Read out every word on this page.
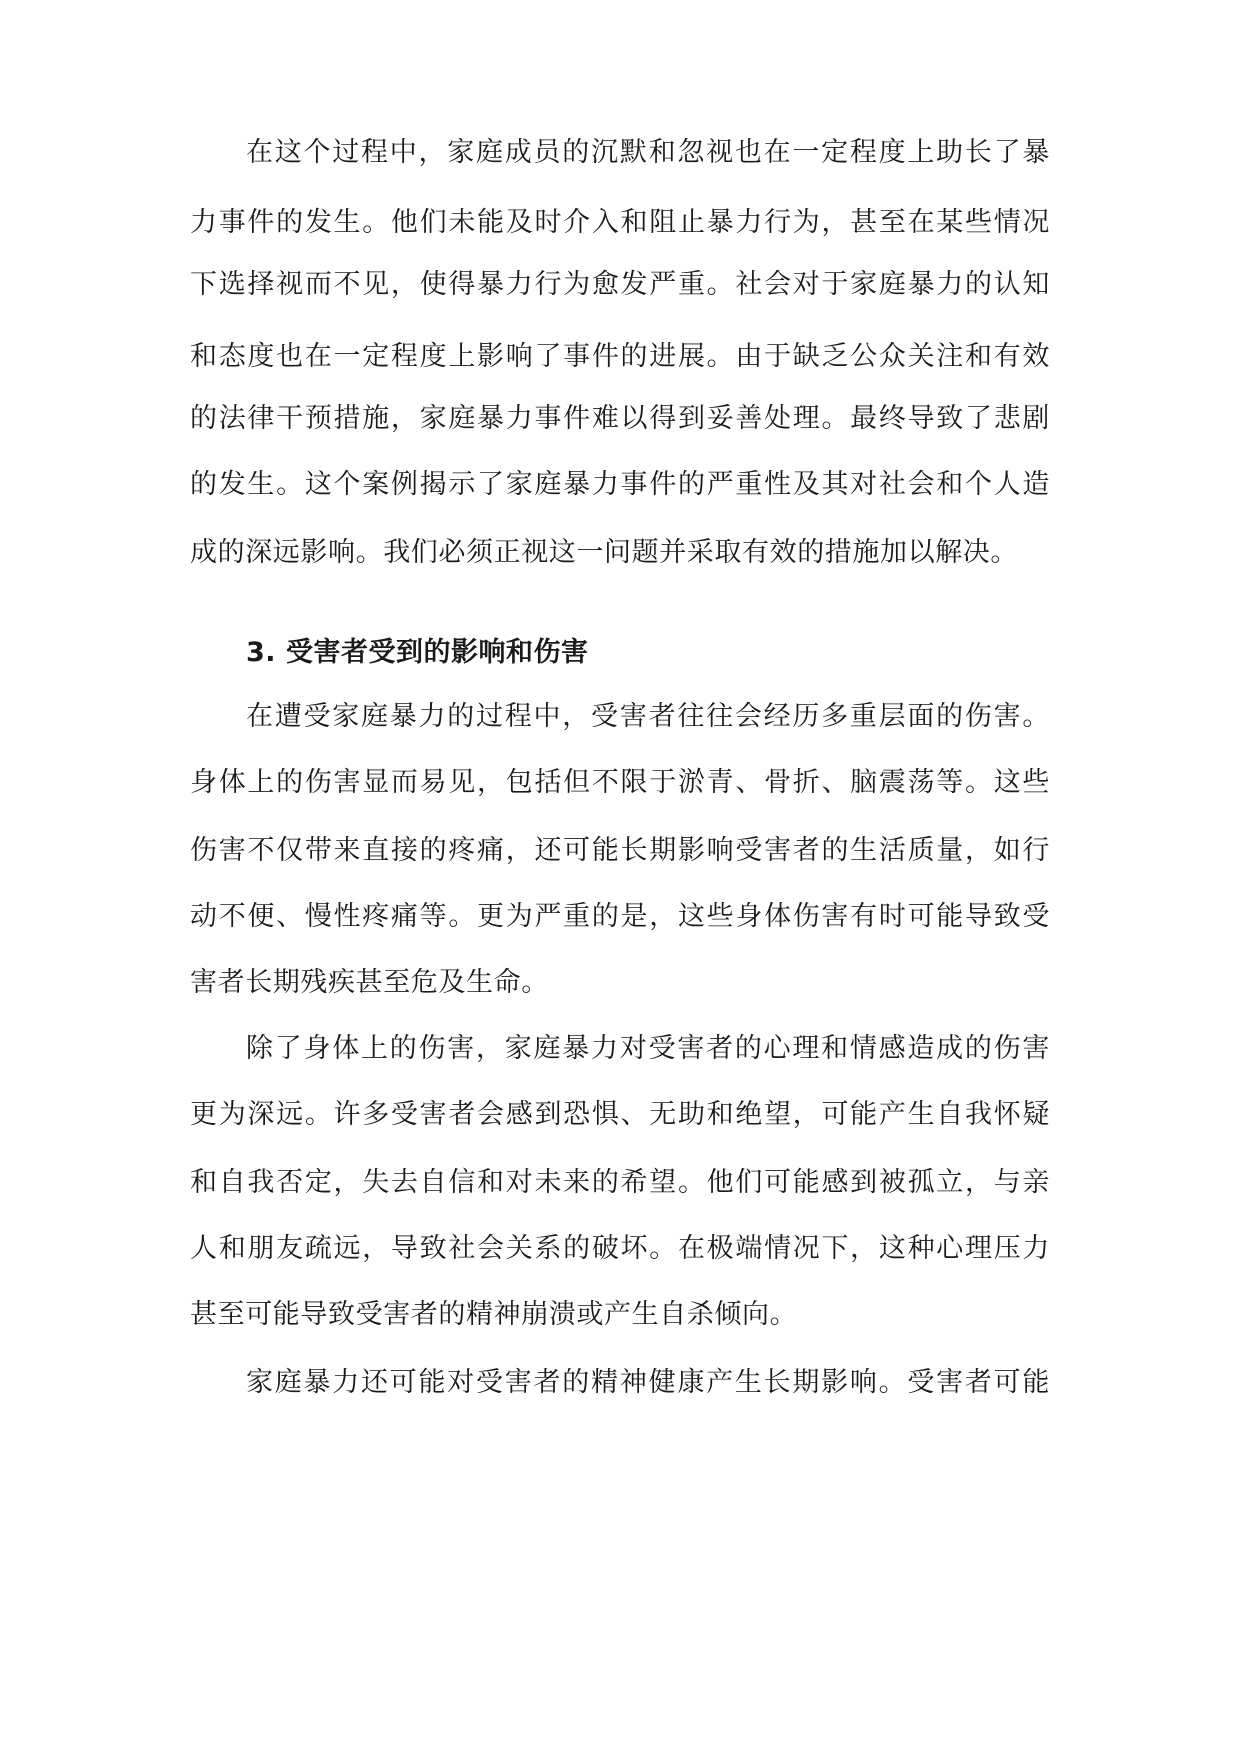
在这个过程中，家庭成员的沉默和忽视也在一定程度上助长了暴
力事件的发生。他们未能及时介入和阻止暴力行为，甚至在某些情况
下选择视而不见，使得暴力行为愈发严重。社会对于家庭暴力的认知
和态度也在一定程度上影响了事件的进展。由于缺乏公众关注和有效
的法律干预措施，家庭暴力事件难以得到妥善处理。最终导致了悲剧
的发生。这个案例揭示了家庭暴力事件的严重性及其对社会和个人造
成的深远影响。我们必须正视这一问题并采取有效的措施加以解决。
3. 受害者受到的影响和伤害
在遭受家庭暴力的过程中，受害者往往会经历多重层面的伤害。
身体上的伤害显而易见，包括但不限于淤青、骨折、脑震荡等。这些
伤害不仅带来直接的疼痛，还可能长期影响受害者的生活质量，如行
动不便、慢性疼痛等。更为严重的是，这些身体伤害有时可能导致受
害者长期残疾甚至危及生命。
除了身体上的伤害，家庭暴力对受害者的心理和情感造成的伤害
更为深远。许多受害者会感到恐惧、无助和绝望，可能产生自我怀疑
和自我否定，失去自信和对未来的希望。他们可能感到被孤立，与亲
人和朋友疏远，导致社会关系的破坏。在极端情况下，这种心理压力
甚至可能导致受害者的精神崩溃或产生自杀倾向。
家庭暴力还可能对受害者的精神健康产生长期影响。受害者可能
